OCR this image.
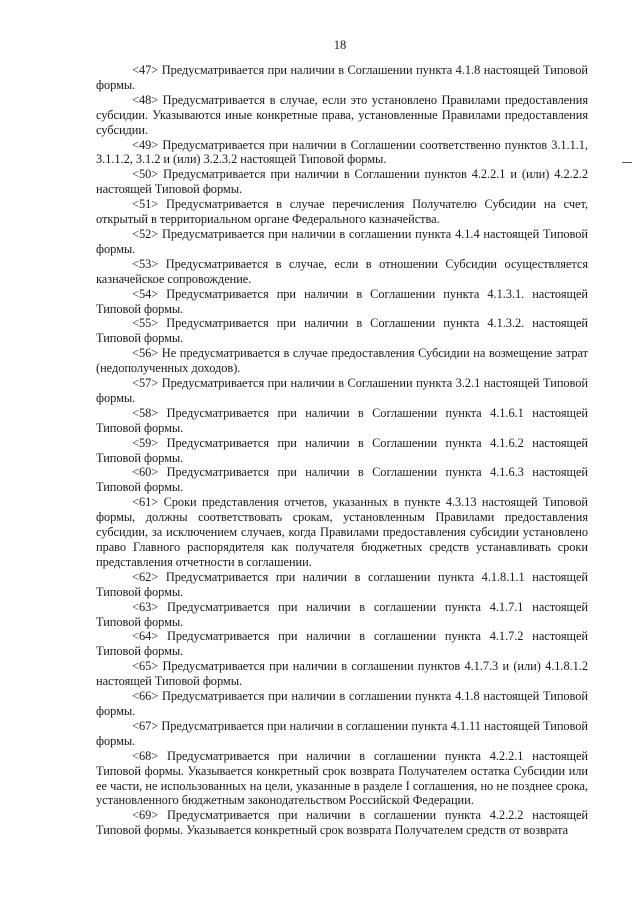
18

<47> Предусматривается при наличии в Соглашении пункта 4.1.8 настоящей Типовой формы.

<48> Предусматривается в случае, если это установлено Правилами предоставления субсидии. Указываются иные конкретные права, установленные Правилами предоставления субсидии.

<49> Предусматривается при наличии в Соглашении соответственно пунктов 3.1.1.1, 3.1.1.2, 3.1.2 и (или) 3.2.3.2 настоящей Типовой формы.

<50> Предусматривается при наличии в Соглашении пунктов 4.2.2.1 и (или) 4.2.2.2 настоящей Типовой формы.

<51> Предусматривается в случае перечисления Получателю Субсидии на счет, открытый в территориальном органе Федерального казначейства.

<52> Предусматривается при наличии в соглашении пункта 4.1.4 настоящей Типовой формы.

<53> Предусматривается в случае, если в отношении Субсидии осуществляется казначейское сопровождение.

<54> Предусматривается при наличии в Соглашении пункта 4.1.3.1. настоящей Типовой формы.

<55> Предусматривается при наличии в Соглашении пункта 4.1.3.2. настоящей Типовой формы.

<56> Не предусматривается в случае предоставления Субсидии на возмещение затрат (недополученных доходов).

<57> Предусматривается при наличии в Соглашении пункта 3.2.1 настоящей Типовой формы.

<58> Предусматривается при наличии в Соглашении пункта 4.1.6.1 настоящей Типовой формы.

<59> Предусматривается при наличии в Соглашении пункта 4.1.6.2 настоящей Типовой формы.

<60> Предусматривается при наличии в Соглашении пункта 4.1.6.3 настоящей Типовой формы.

<61> Сроки представления отчетов, указанных в пункте 4.3.13 настоящей Типовой формы, должны соответствовать срокам, установленным Правилами предоставления субсидии, за исключением случаев, когда Правилами предоставления субсидии установлено право Главного распорядителя как получателя бюджетных средств устанавливать сроки представления отчетности в соглашении.

<62> Предусматривается при наличии в соглашении пункта 4.1.8.1.1 настоящей Типовой формы.

<63> Предусматривается при наличии в соглашении пункта 4.1.7.1 настоящей Типовой формы.

<64> Предусматривается при наличии в соглашении пункта 4.1.7.2 настоящей Типовой формы.

<65> Предусматривается при наличии в соглашении пунктов 4.1.7.3 и (или) 4.1.8.1.2 настоящей Типовой формы.

<66> Предусматривается при наличии в соглашении пункта 4.1.8 настоящей Типовой формы.

<67> Предусматривается при наличии в соглашении пункта 4.1.11 настоящей Типовой формы.

<68> Предусматривается при наличии в соглашении пункта 4.2.2.1 настоящей Типовой формы. Указывается конкретный срок возврата Получателем остатка Субсидии или ее части, не использованных на цели, указанные в разделе I соглашения, но не позднее срока, установленного бюджетным законодательством Российской Федерации.

<69> Предусматривается при наличии в соглашении пункта 4.2.2.2 настоящей Типовой формы. Указывается конкретный срок возврата Получателем средств от возврата
